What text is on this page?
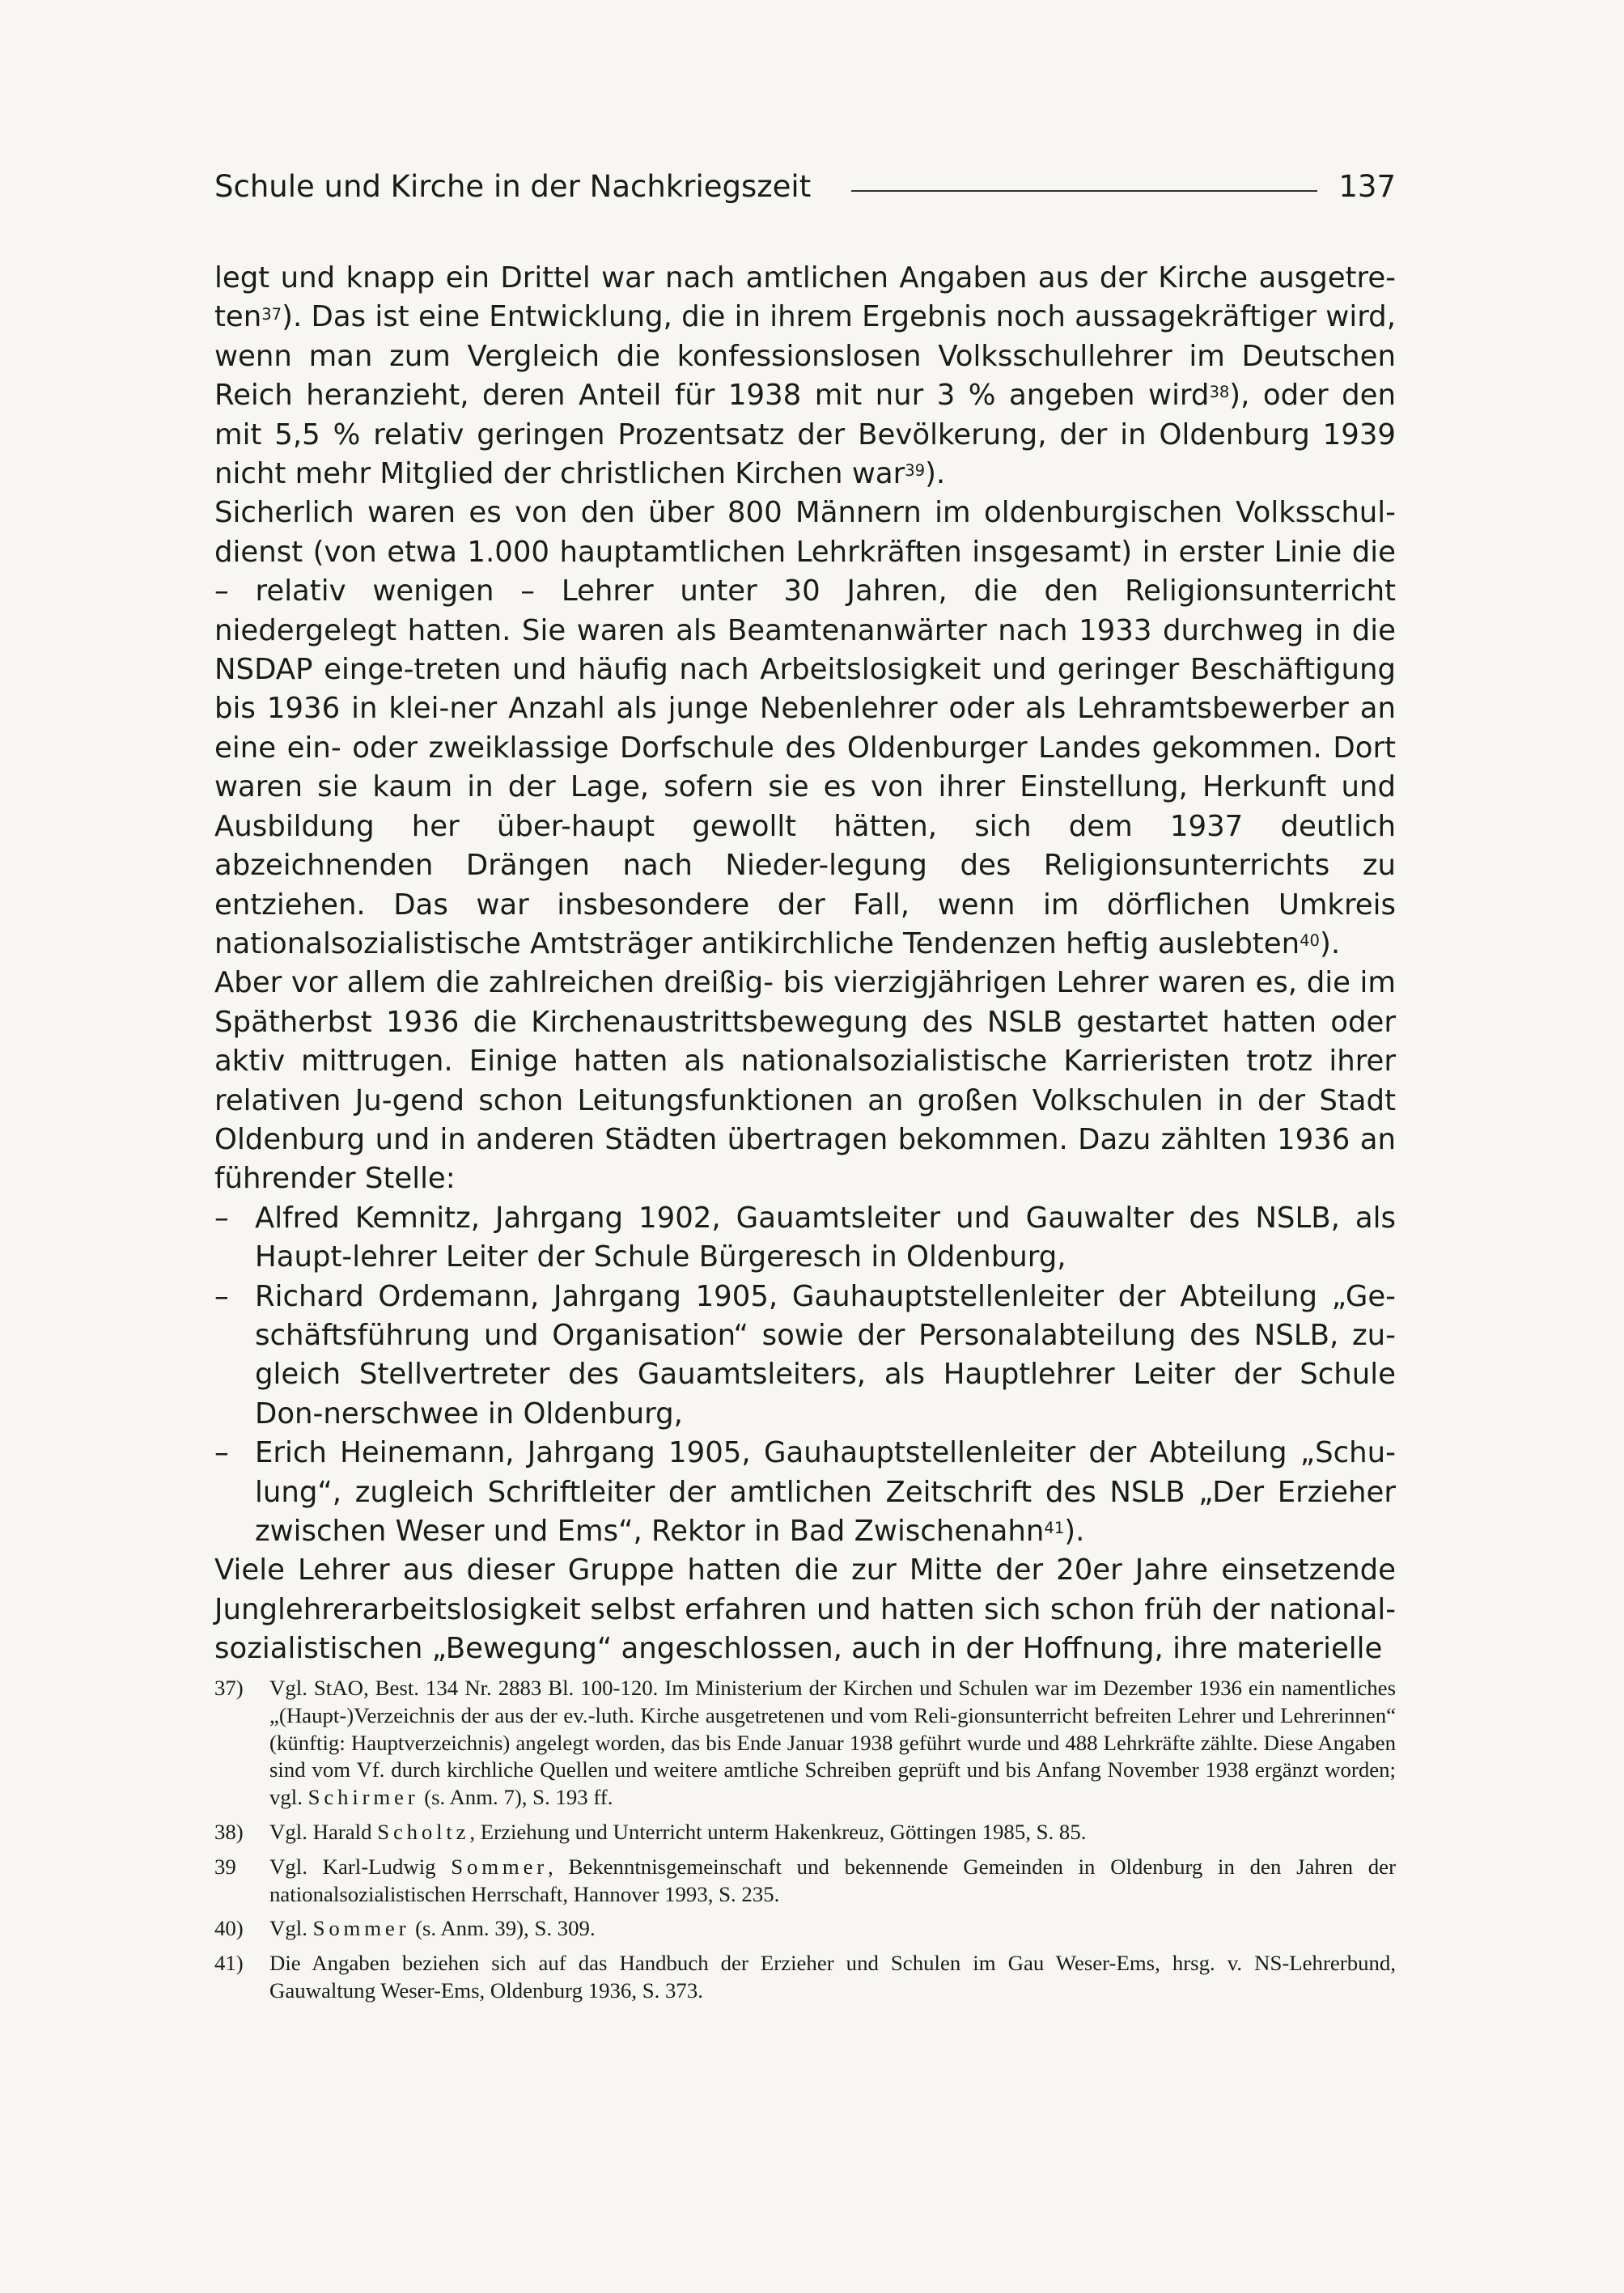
Schule und Kirche in der Nachkriegszeit	137

legt und knapp ein Drittel war nach amtlichen Angaben aus der Kirche ausgetre-ten$^{37}$). Das ist eine Entwicklung, die in ihrem Ergebnis noch aussagekräftiger wird, wenn man zum Vergleich die konfessionslosen Volksschullehrer im Deutschen Reich heranzieht, deren Anteil für 1938 mit nur 3 % angeben wird$^{38}$), oder den mit 5,5 % relativ geringen Prozentsatz der Bevölkerung, der in Oldenburg 1939 nicht mehr Mitglied der christlichen Kirchen war$^{39}$).

Sicherlich waren es von den über 800 Männern im oldenburgischen Volksschul-dienst (von etwa 1.000 hauptamtlichen Lehrkräften insgesamt) in erster Linie die – relativ wenigen – Lehrer unter 30 Jahren, die den Religionsunterricht niedergelegt hatten. Sie waren als Beamtenanwärter nach 1933 durchweg in die NSDAP einge-treten und häufig nach Arbeitslosigkeit und geringer Beschäftigung bis 1936 in klei-ner Anzahl als junge Nebenlehrer oder als Lehramtsbewerber an eine ein- oder zweiklassige Dorfschule des Oldenburger Landes gekommen. Dort waren sie kaum in der Lage, sofern sie es von ihrer Einstellung, Herkunft und Ausbildung her über-haupt gewollt hätten, sich dem 1937 deutlich abzeichnenden Drängen nach Nieder-legung des Religionsunterrichts zu entziehen. Das war insbesondere der Fall, wenn im dörflichen Umkreis nationalsozialistische Amtsträger antikirchliche Tendenzen heftig auslebten$^{40}$).

Aber vor allem die zahlreichen dreißig- bis vierzigjährigen Lehrer waren es, die im Spätherbst 1936 die Kirchenaustrittsbewegung des NSLB gestartet hatten oder aktiv mittrugen. Einige hatten als nationalsozialistische Karrieristen trotz ihrer relativen Ju-gend schon Leitungsfunktionen an großen Volkschulen in der Stadt Oldenburg und in anderen Städten übertragen bekommen. Dazu zählten 1936 an führender Stelle:

– Alfred Kemnitz, Jahrgang 1902, Gauamtsleiter und Gauwalter des NSLB, als Haupt-lehrer Leiter der Schule Bürgeresch in Oldenburg,
– Richard Ordemann, Jahrgang 1905, Gauhauptstellenleiter der Abteilung „Ge-schäftsführung und Organisation“ sowie der Personalabteilung des NSLB, zu-gleich Stellvertreter des Gauamtsleiters, als Hauptlehrer Leiter der Schule Don-nerschwee in Oldenburg,
– Erich Heinemann, Jahrgang 1905, Gauhauptstellenleiter der Abteilung „Schu-lung“, zugleich Schriftleiter der amtlichen Zeitschrift des NSLB „Der Erzieher zwischen Weser und Ems“, Rektor in Bad Zwischenahn$^{41}$).

Viele Lehrer aus dieser Gruppe hatten die zur Mitte der 20er Jahre einsetzende Junglehrerarbeitslosigkeit selbst erfahren und hatten sich schon früh der national-sozialistischen „Bewegung“ angeschlossen, auch in der Hoffnung, ihre materielle

37)	Vgl. StAO, Best. 134 Nr. 2883 Bl. 100-120. Im Ministerium der Kirchen und Schulen war im Dezember 1936 ein namentliches „(Haupt-)Verzeichnis der aus der ev.-luth. Kirche ausgetretenen und vom Reli-gionsunterricht befreiten Lehrer und Lehrerinnen“ (künftig: Hauptverzeichnis) angelegt worden, das bis Ende Januar 1938 geführt wurde und 488 Lehrkräfte zählte. Diese Angaben sind vom Vf. durch kirchliche Quellen und weitere amtliche Schreiben geprüft und bis Anfang November 1938 ergänzt worden; vgl. Schirmer (s. Anm. 7), S. 193 ff.
38)	Vgl. Harald Scholtz, Erziehung und Unterricht unterm Hakenkreuz, Göttingen 1985, S. 85.
39	Vgl. Karl-Ludwig Sommer, Bekenntnisgemeinschaft und bekennende Gemeinden in Oldenburg in den Jahren der nationalsozialistischen Herrschaft, Hannover 1993, S. 235.
40)	Vgl. Sommer (s. Anm. 39), S. 309.
41)	Die Angaben beziehen sich auf das Handbuch der Erzieher und Schulen im Gau Weser-Ems, hrsg. v. NS-Lehrerbund, Gauwaltung Weser-Ems, Oldenburg 1936, S. 373.
